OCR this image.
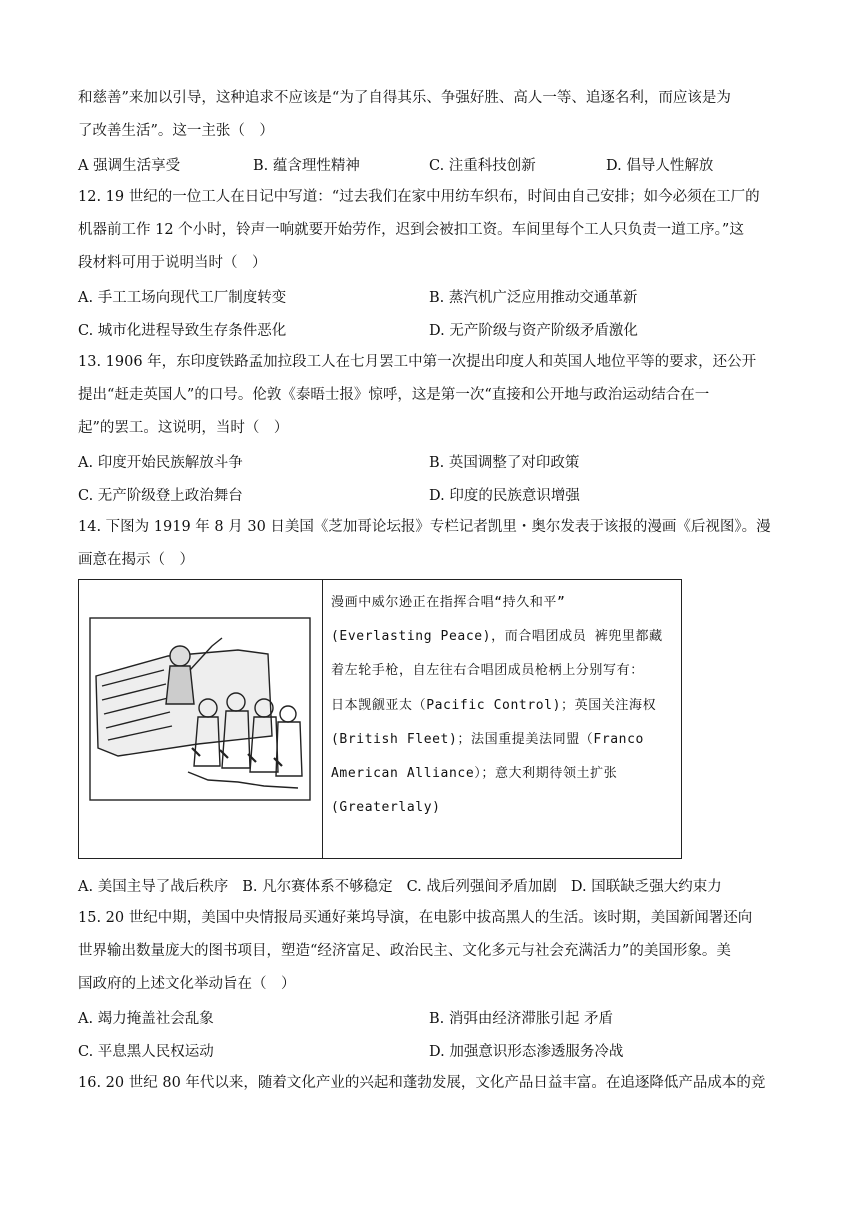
和慈善”来加以引导，这种追求不应该是“为了自得其乐、争强好胜、高人一等、追逐名利，而应该是为

了改善生活”。这一主张（　）

A 强调生活享受	B. 蕴含理性精神	C. 注重科技创新	D. 倡导人性解放

12. 19 世纪的一位工人在日记中写道：“过去我们在家中用纺车织布，时间由自己安排；如今必须在工厂的

机器前工作 12 个小时，铃声一响就要开始劳作，迟到会被扣工资。车间里每个工人只负责一道工序。”这

段材料可用于说明当时（　）

A. 手工工场向现代工厂制度转变	B. 蒸汽机广泛应用推动交通革新
C. 城市化进程导致生存条件恶化	D. 无产阶级与资产阶级矛盾激化

13. 1906 年，东印度铁路孟加拉段工人在七月罢工中第一次提出印度人和英国人地位平等的要求，还公开

提出“赶走英国人”的口号。伦敦《泰晤士报》惊呼，这是第一次“直接和公开地与政治运动结合在一

起”的罢工。这说明，当时（　）

A. 印度开始民族解放斗争	B. 英国调整了对印政策
C. 无产阶级登上政治舞台	D. 印度的民族意识增强

14. 下图为 1919 年 8 月 30 日美国《芝加哥论坛报》专栏记者凯里・奥尔发表于该报的漫画《后视图》。漫

画意在揭示（　）

漫画中威尔逊正在指挥合唱“持久和平”
(Everlasting Peace)，而合唱团成员 裤兜里都藏
着左轮手枪，自左往右合唱团成员枪柄上分别写有：
日本觊觎亚太（Pacific Control)；英国关注海权
(British Fleet)；法国重提美法同盟（Franco
American Alliance）；意大利期待领土扩张
(Greaterlaly)
A. 美国主导了战后秩序 B. 凡尔赛体系不够稳定 C. 战后列强间矛盾加剧 D. 国联缺乏强大约束力

15. 20 世纪中期，美国中央情报局买通好莱坞导演，在电影中拔高黑人的生活。该时期，美国新闻署还向

世界输出数量庞大的图书项目，塑造“经济富足、政治民主、文化多元与社会充满活力”的美国形象。美

国政府的上述文化举动旨在（　）

A. 竭力掩盖社会乱象	B. 消弭由经济滞胀引起 矛盾
C. 平息黑人民权运动	D. 加强意识形态渗透服务冷战

16. 20 世纪 80 年代以来，随着文化产业的兴起和蓬勃发展，文化产品日益丰富。在追逐降低产品成本的竞
